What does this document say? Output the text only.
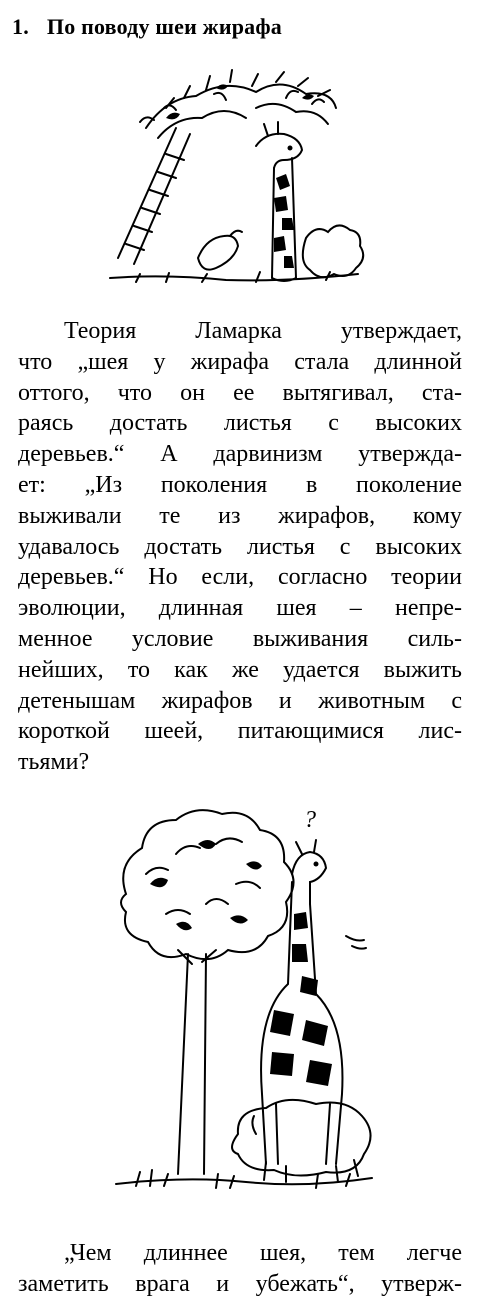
1. По поводу шеи жирафа
Теория Ламарка утверждает,
что „шея у жирафа стала длинной
оттого, что он ее вытягивал, ста-
раясь достать листья с высоких
деревьев.“ А дарвинизм утвержда-
ет: „Из поколения в поколение
выживали те из жирафов, кому
удавалось достать листья с высоких
деревьев.“ Но если, согласно теории
эволюции, длинная шея – непре-
менное условие выживания силь-
нейших, то как же удается выжить
детенышам жирафов и животным с
короткой шеей, питающимися лис-
тьями?
?
„Чем длиннее шея, тем легче
заметить врага и убежать“, утверж-
